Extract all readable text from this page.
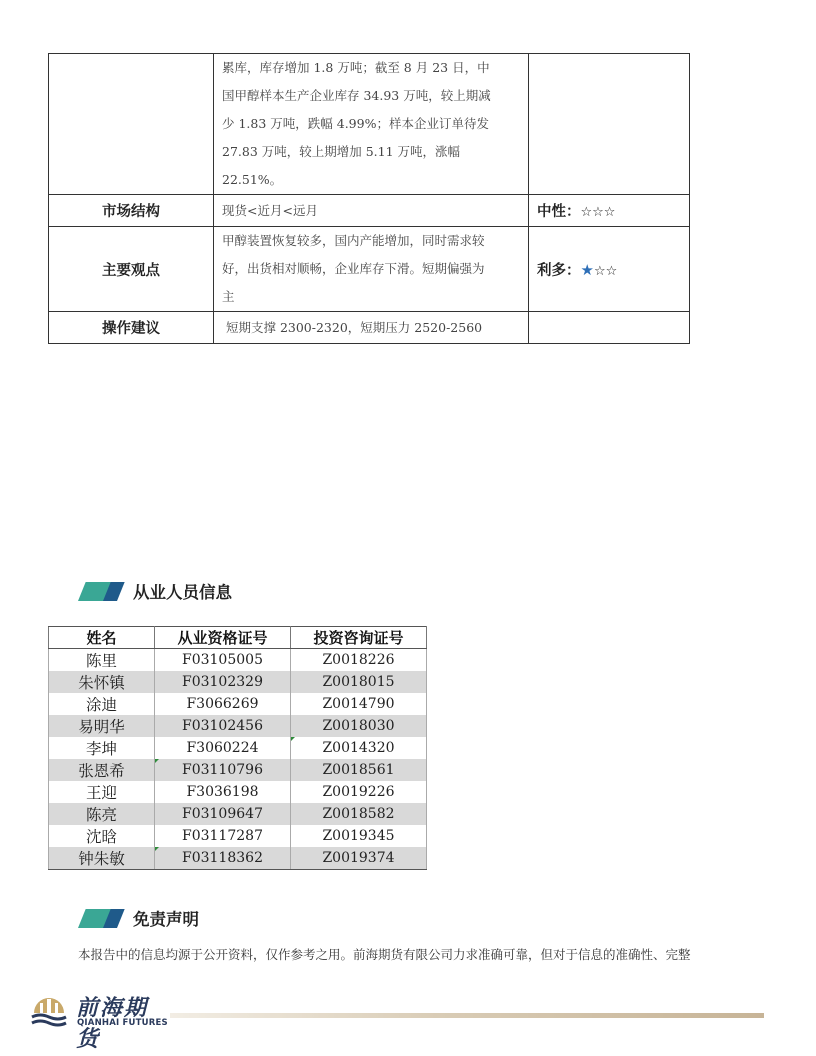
	累库，库存增加 1.8 万吨；截至 8 月 23 日，中
国甲醇样本生产企业库存 34.93 万吨，较上期减
少 1.83 万吨，跌幅 4.99%；样本企业订单待发
27.83 万吨，较上期增加 5.11 万吨，涨幅
22.51%。	

市场结构	现货<近月<远月	中性：☆☆☆
主要观点	甲醇装置恢复较多，国内产能增加，同时需求较
好，出货相对顺畅，企业库存下滑。短期偏强为
主	利多：★☆☆
操作建议	短期支撑 2300-2320，短期压力 2520-2560	

从业人员信息
姓名	从业资格证号	投资咨询证号
陈里	F03105005	Z0018226
朱怀镇	F03102329	Z0018015
涂迪	F3066269	Z0014790
易明华	F03102456	Z0018030
李坤	F3060224	Z0014320
张恩希	F03110796	Z0018561
王迎	F3036198	Z0019226
陈亮	F03109647	Z0018582
沈晗	F03117287	Z0019345
钟朱敏	F03118362	Z0019374
免责声明
本报告中的信息均源于公开资料，仅作参考之用。前海期货有限公司力求准确可靠，但对于信息的准确性、完整
前海期货
QIANHAI FUTURES
